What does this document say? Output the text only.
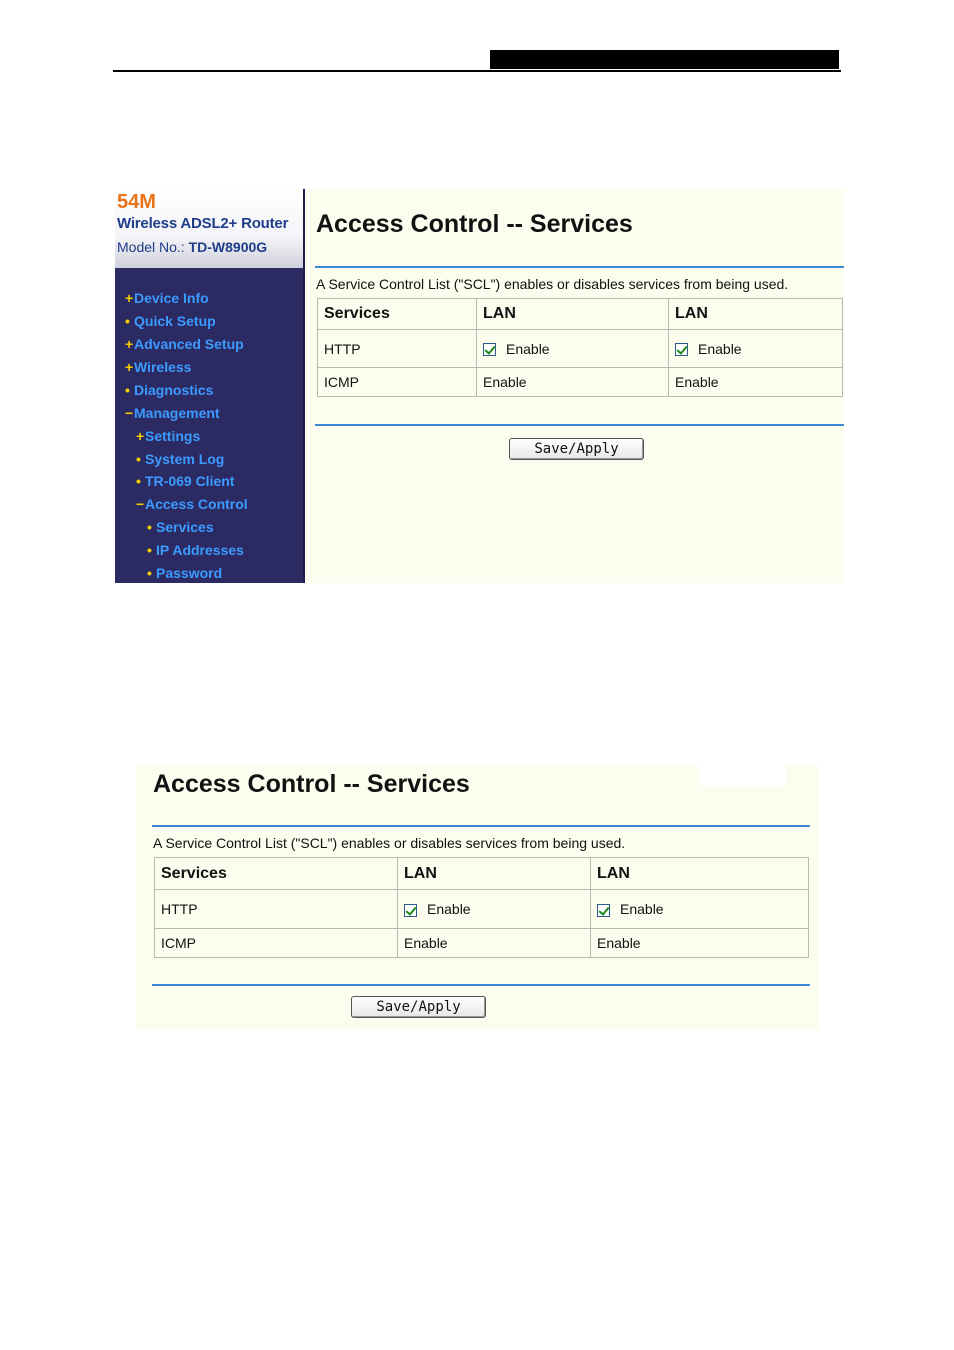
54M
Wireless ADSL2+ Router
Model No.: TD-W8900G
+Device Info
• Quick Setup
+Advanced Setup
+Wireless
• Diagnostics
−Management
+Settings
• System Log
• TR-069 Client
−Access Control
• Services
• IP Addresses
• Password
Access Control -- Services
A Service Control List ("SCL") enables or disables services from being used.
Services	LAN	LAN
HTTP	Enable	Enable
ICMP	Enable	Enable
Save/Apply
Access Control -- Services
A Service Control List ("SCL") enables or disables services from being used.
Services	LAN	LAN
HTTP	Enable	Enable
ICMP	Enable	Enable
Save/Apply
